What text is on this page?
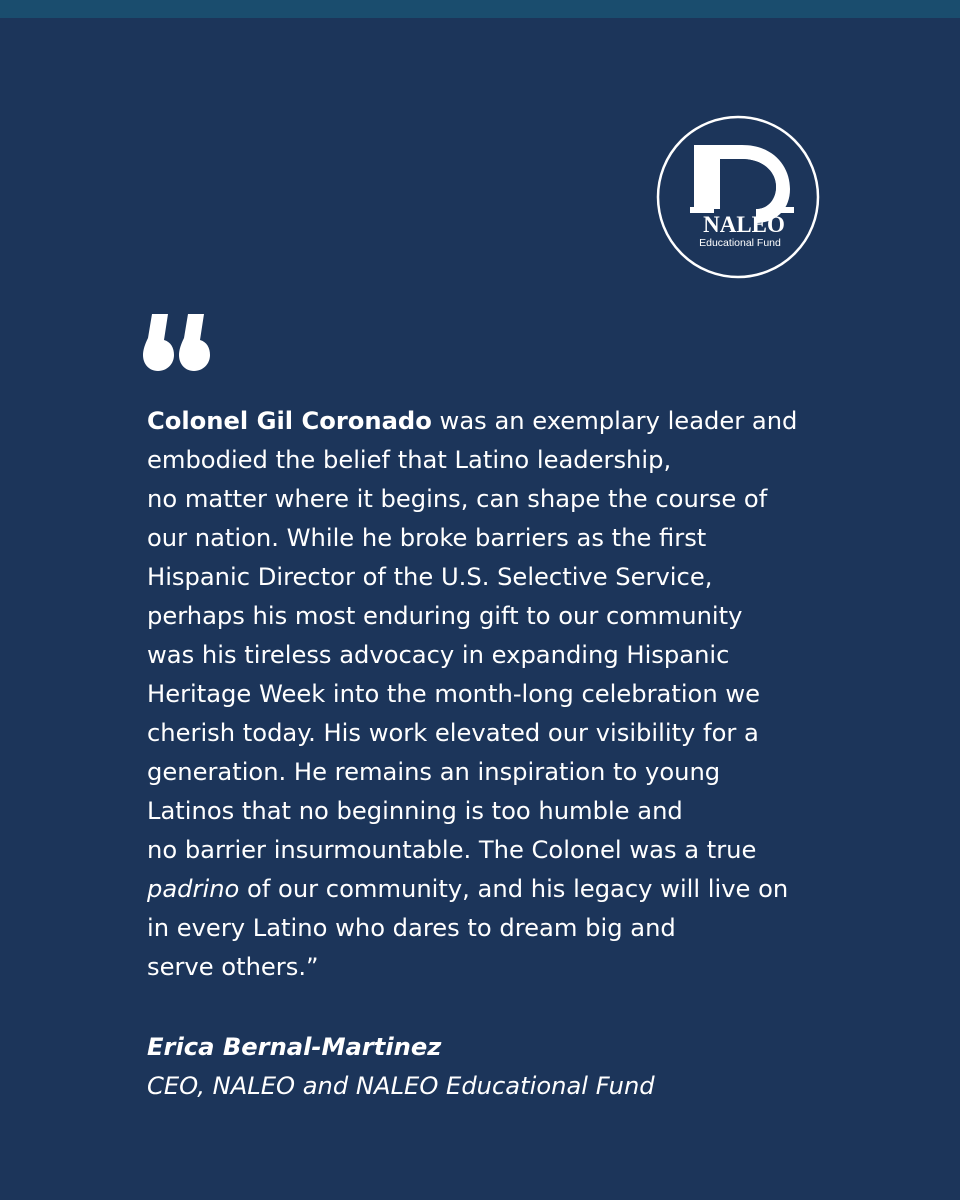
NALEO
Educational Fund

Colonel Gil Coronado was an exemplary leader and
embodied the belief that Latino leadership,
no matter where it begins, can shape the course of
our nation. While he broke barriers as the first
Hispanic Director of the U.S. Selective Service,
perhaps his most enduring gift to our community
was his tireless advocacy in expanding Hispanic
Heritage Week into the month-long celebration we
cherish today. His work elevated our visibility for a
generation. He remains an inspiration to young
Latinos that no beginning is too humble and
no barrier insurmountable. The Colonel was a true
padrino of our community, and his legacy will live on
in every Latino who dares to dream big and
serve others.”

Erica Bernal-Martinez
CEO, NALEO and NALEO Educational Fund
